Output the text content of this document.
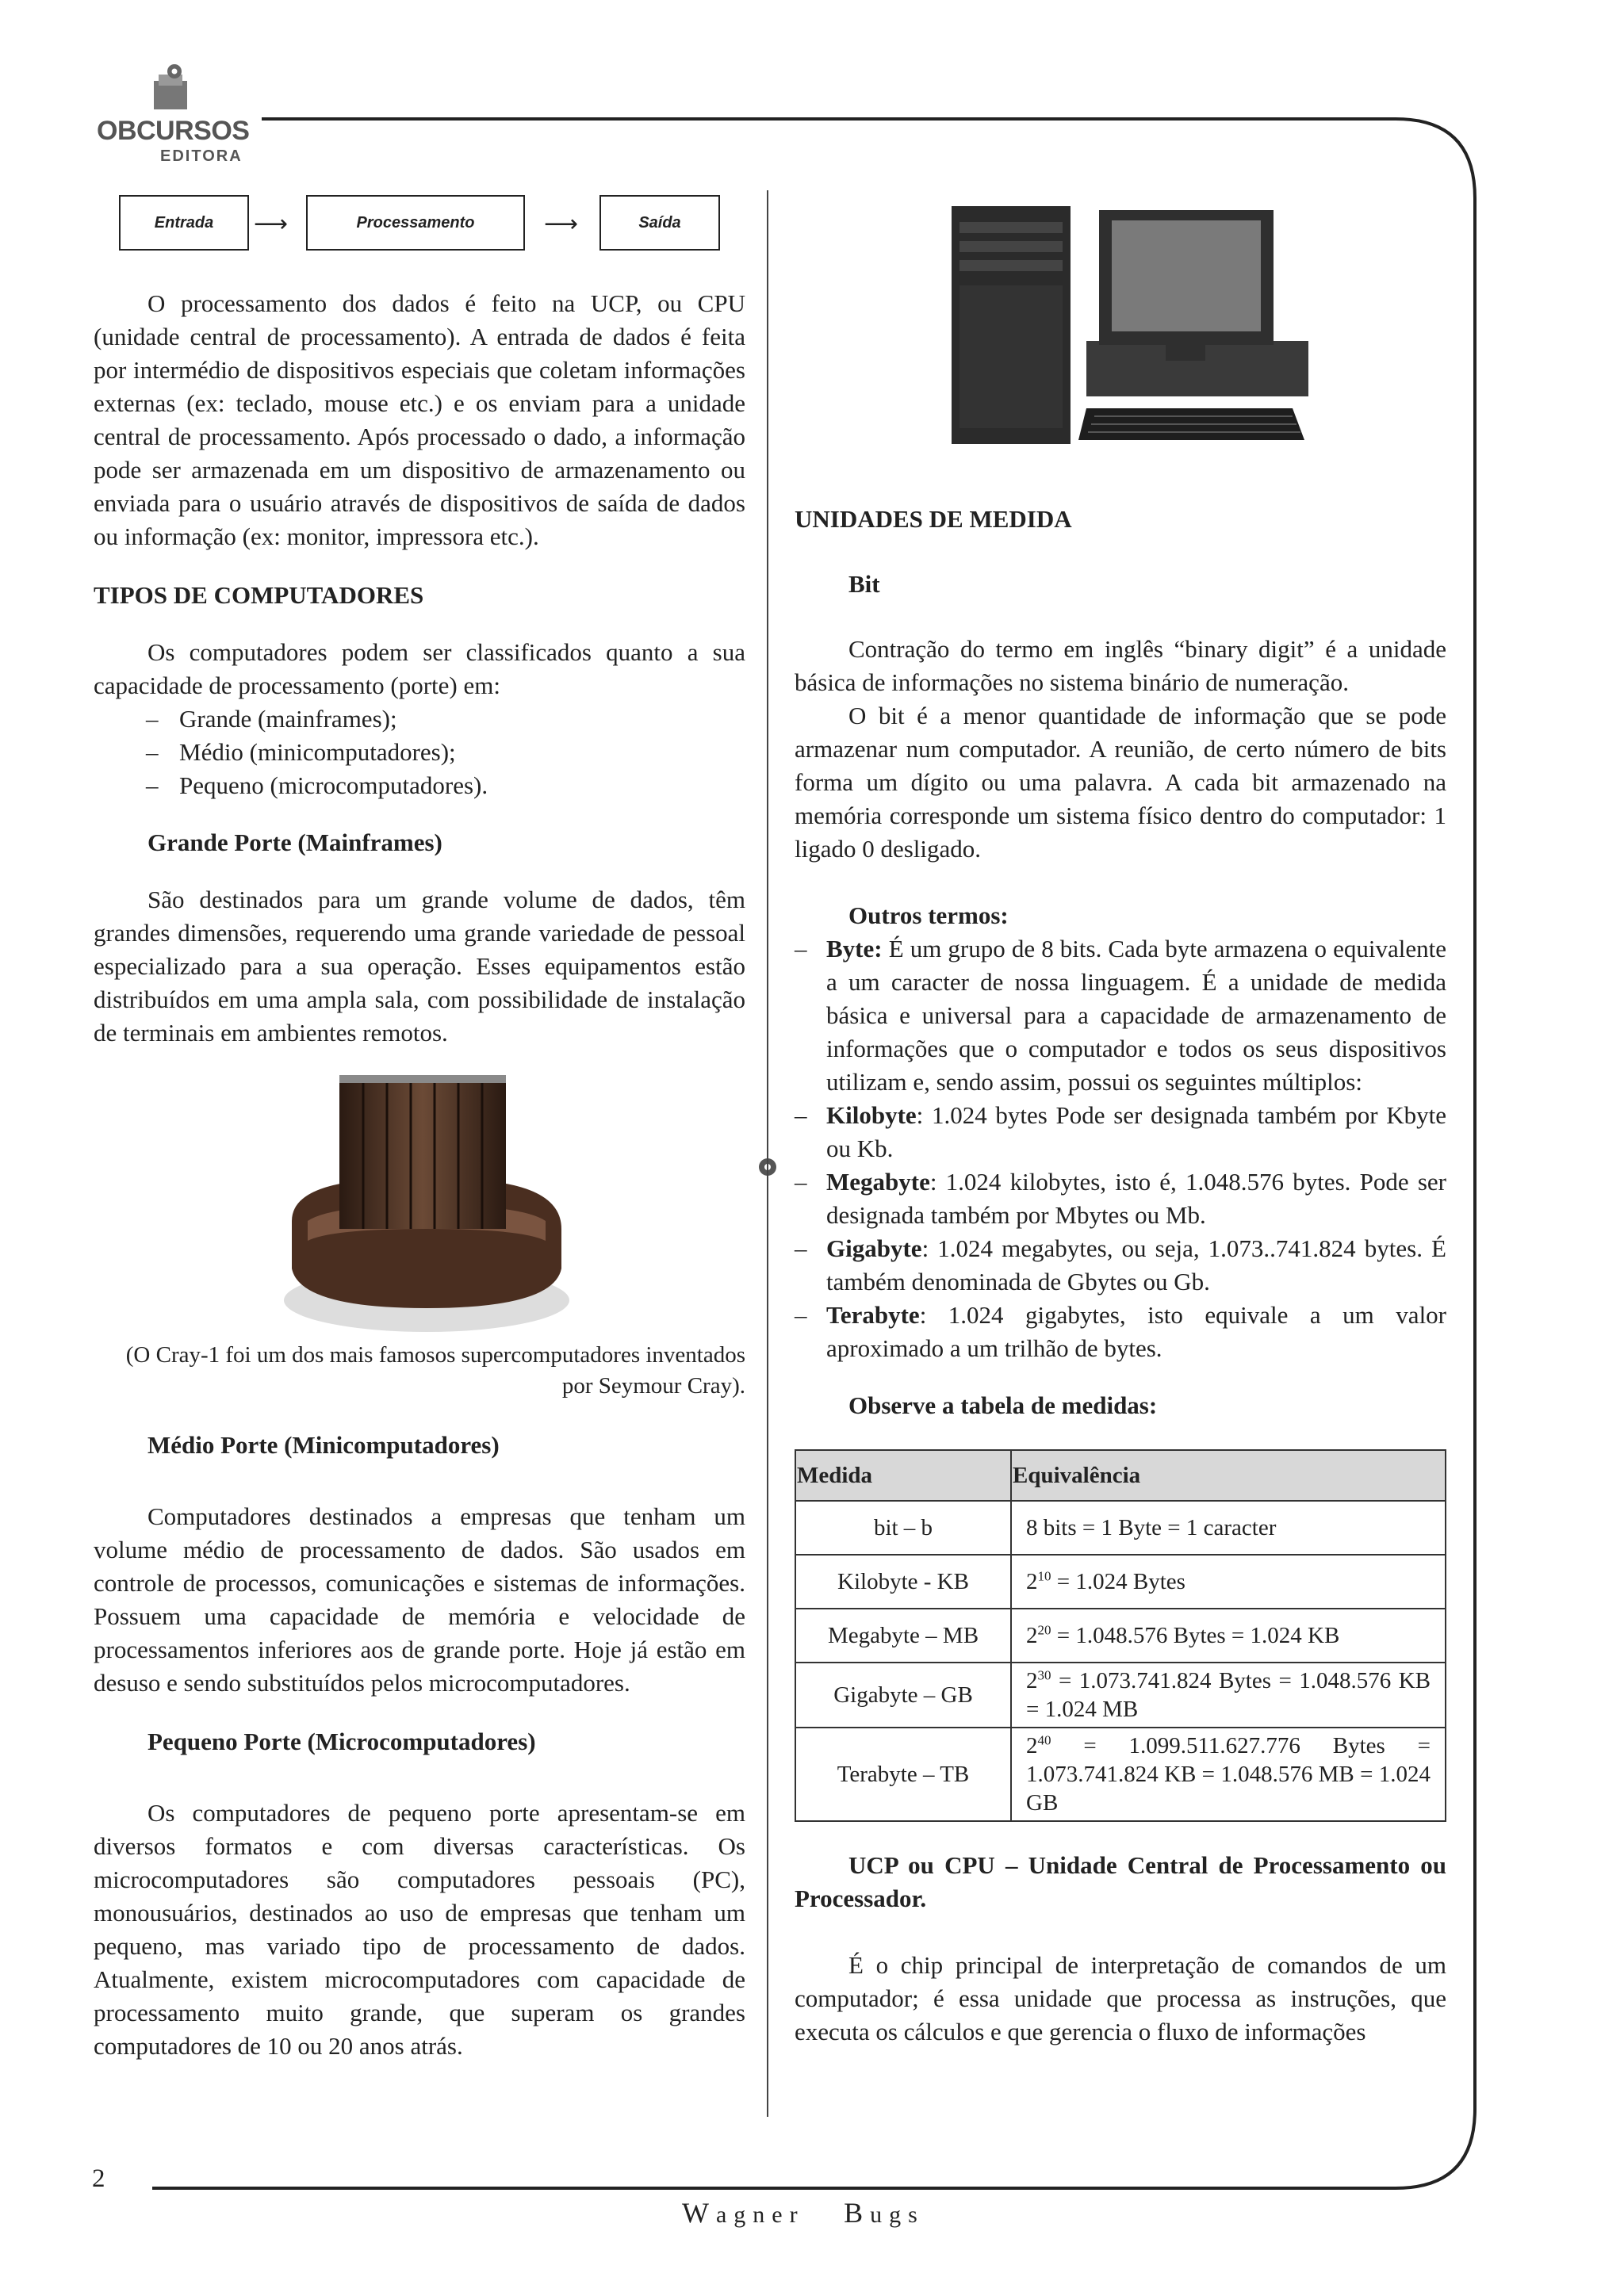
OBCURSOS
EDITORA
Entrada	⟶	Processamento	⟶	Saída

O processamento dos dados é feito na UCP, ou CPU (unidade central de processamento). A entrada de dados é feita por intermédio de dispositivos especiais que coletam informações externas (ex: teclado, mouse etc.) e os enviam para a unidade central de processamento. Após processado o dado, a informação pode ser armazenada em um dispositivo de armazenamento ou enviada para o usuário através de dispositivos de saída de dados ou informação (ex: monitor, impressora etc.).

TIPOS DE COMPUTADORES

Os computadores podem ser classificados quanto a sua capacidade de processamento (porte) em:

– Grande (mainframes);
– Médio (minicomputadores);
– Pequeno (microcomputadores).
Grande Porte (Mainframes)

São destinados para um grande volume de dados, têm grandes dimensões, requerendo uma grande variedade de pessoal especializado para a sua operação. Esses equipamentos estão distribuídos em uma ampla sala, com possibilidade de instalação de terminais em ambientes remotos.

(O Cray-1 foi um dos mais famosos supercomputadores inventados por Seymour Cray).
Médio Porte (Minicomputadores)

Computadores destinados a empresas que tenham um volume médio de processamento de dados. São usados em controle de processos, comunicações e sistemas de informações. Possuem uma capacidade de memória e velocidade de processamentos inferiores aos de grande porte. Hoje já estão em desuso e sendo substituídos pelos microcomputadores.

Pequeno Porte (Microcomputadores)

Os computadores de pequeno porte apresentam-se em diversos formatos e com diversas características. Os microcomputadores são computadores pessoais (PC), monousuários, destinados ao uso de empresas que tenham um pequeno, mas variado tipo de processamento de dados. Atualmente, existem microcomputadores com capacidade de processamento muito grande, que superam os grandes computadores de 10 ou 20 anos atrás.

UNIDADES DE MEDIDA
Bit

Contração do termo em inglês “binary digit” é a unidade básica de informações no sistema binário de numeração.

O bit é a menor quantidade de informação que se pode armazenar num computador. A reunião, de certo número de bits forma um dígito ou uma palavra. A cada bit armazenado na memória corresponde um sistema físico dentro do computador: 1 ligado 0 desligado.

Outros termos:
– Byte: É um grupo de 8 bits. Cada byte armazena o equivalente a um caracter de nossa linguagem. É a unidade de medida básica e universal para a capacidade de armazenamento de informações que o computador e todos os seus dispositivos utilizam e, sendo assim, possui os seguintes múltiplos:
– Kilobyte: 1.024 bytes Pode ser designada também por Kbyte ou Kb.
– Megabyte: 1.024 kilobytes, isto é, 1.048.576 bytes. Pode ser designada também por Mbytes ou Mb.
– Gigabyte: 1.024 megabytes, ou seja, 1.073..741.824 bytes. É também denominada de Gbytes ou Gb.
– Terabyte: 1.024 gigabytes, isto equivale a um valor aproximado a um trilhão de bytes.
Observe a tabela de medidas:
Medida	Equivalência
bit – b	8 bits = 1 Byte = 1 caracter
Kilobyte - KB	$2^{10} = 1.024$ Bytes
Megabyte – MB	$2^{20} = 1.048.576$ Bytes = 1.024 KB
Gigabyte – GB	$2^{30} = 1.073.741.824$ Bytes = 1.048.576 KB = 1.024 MB
Terabyte – TB	$2^{40} = 1.099.511.627.776$ Bytes = 1.073.741.824 KB = 1.048.576 MB = 1.024 GB
UCP ou CPU – Unidade Central de Processamento ou Processador.

É o chip principal de interpretação de comandos de um computador; é essa unidade que processa as instruções, que executa os cálculos e que gerencia o fluxo de informações

2
Wagner Bugs
